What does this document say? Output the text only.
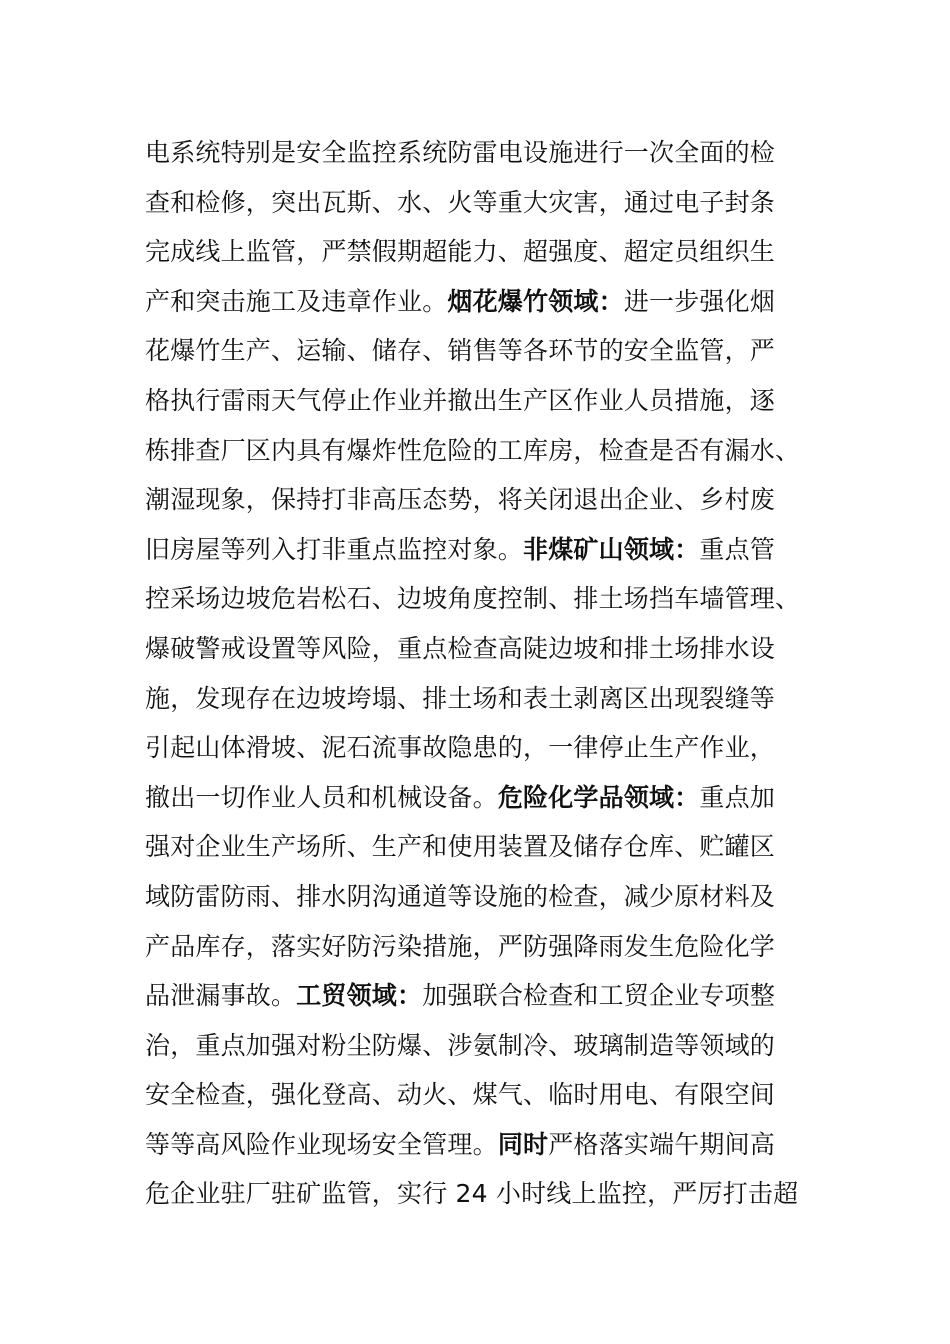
电系统特别是安全监控系统防雷电设施进行一次全面的检
查和检修，突出瓦斯、水、火等重大灾害，通过电子封条
完成线上监管，严禁假期超能力、超强度、超定员组织生
产和突击施工及违章作业。烟花爆竹领域：进一步强化烟
花爆竹生产、运输、储存、销售等各环节的安全监管，严
格执行雷雨天气停止作业并撤出生产区作业人员措施，逐
栋排查厂区内具有爆炸性危险的工库房，检查是否有漏水、
潮湿现象，保持打非高压态势，将关闭退出企业、乡村废
旧房屋等列入打非重点监控对象。非煤矿山领域：重点管
控采场边坡危岩松石、边坡角度控制、排土场挡车墙管理、
爆破警戒设置等风险，重点检查高陡边坡和排土场排水设
施，发现存在边坡垮塌、排土场和表土剥离区出现裂缝等
引起山体滑坡、泥石流事故隐患的，一律停止生产作业，
撤出一切作业人员和机械设备。危险化学品领域：重点加
强对企业生产场所、生产和使用装置及储存仓库、贮罐区
域防雷防雨、排水阴沟通道等设施的检查，减少原材料及
产品库存，落实好防污染措施，严防强降雨发生危险化学
品泄漏事故。工贸领域：加强联合检查和工贸企业专项整
治，重点加强对粉尘防爆、涉氨制冷、玻璃制造等领域的
安全检查，强化登高、动火、煤气、临时用电、有限空间
等等高风险作业现场安全管理。同时严格落实端午期间高
危企业驻厂驻矿监管，实行 24 小时线上监控，严厉打击超
